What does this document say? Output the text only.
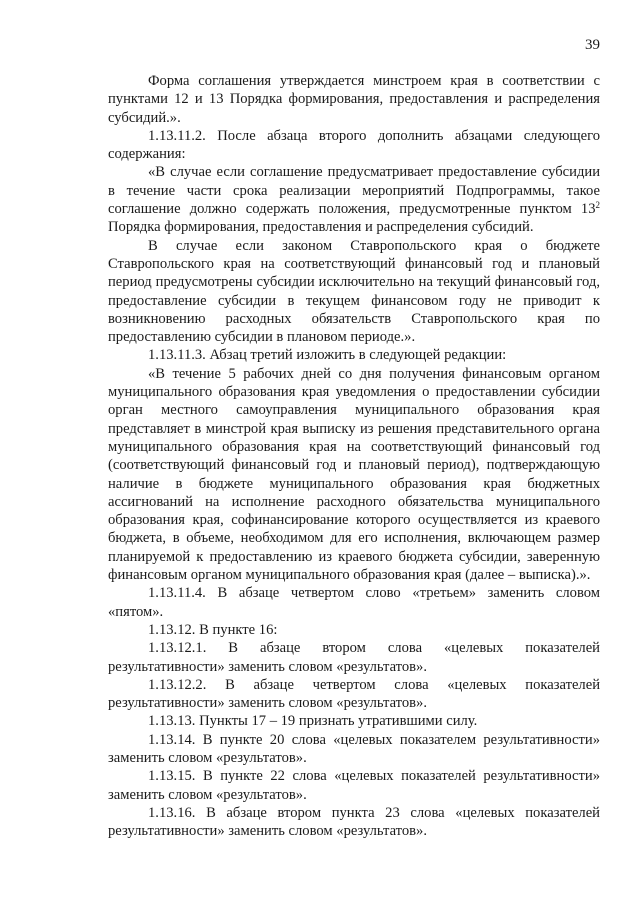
39

Форма соглашения утверждается минстроем края в соответствии с пунктами 12 и 13 Порядка формирования, предоставления и распределения субсидий.».

1.13.11.2. После абзаца второго дополнить абзацами следующего содержания:

«В случае если соглашение предусматривает предоставление субсидии в течение части срока реализации мероприятий Подпрограммы, такое соглашение должно содержать положения, предусмотренные пунктом $13^2$ Порядка формирования, предоставления и распределения субсидий.

В случае если законом Ставропольского края о бюджете Ставропольского края на соответствующий финансовый год и плановый период предусмотрены субсидии исключительно на текущий финансовый год, предоставление субсидии в текущем финансовом году не приводит к возникновению расходных обязательств Ставропольского края по предоставлению субсидии в плановом периоде.».

1.13.11.3. Абзац третий изложить в следующей редакции:

«В течение 5 рабочих дней со дня получения финансовым органом муниципального образования края уведомления о предоставлении субсидии орган местного самоуправления муниципального образования края представляет в минстрой края выписку из решения представительного органа муниципального образования края на соответствующий финансовый год (соответствующий финансовый год и плановый период), подтверждающую наличие в бюджете муниципального образования края бюджетных ассигнований на исполнение расходного обязательства муниципального образования края, софинансирование которого осуществляется из краевого бюджета, в объеме, необходимом для его исполнения, включающем размер планируемой к предоставлению из краевого бюджета субсидии, заверенную финансовым органом муниципального образования края (далее – выписка).».

1.13.11.4. В абзаце четвертом слово «третьем» заменить словом «пятом».

1.13.12. В пункте 16:

1.13.12.1. В абзаце втором слова «целевых показателей результативности» заменить словом «результатов».

1.13.12.2. В абзаце четвертом слова «целевых показателей результативности» заменить словом «результатов».

1.13.13. Пункты 17 – 19 признать утратившими силу.

1.13.14. В пункте 20 слова «целевых показателем результативности» заменить словом «результатов».

1.13.15. В пункте 22 слова «целевых показателей результативности» заменить словом «результатов».

1.13.16. В абзаце втором пункта 23 слова «целевых показателей результативности» заменить словом «результатов».
